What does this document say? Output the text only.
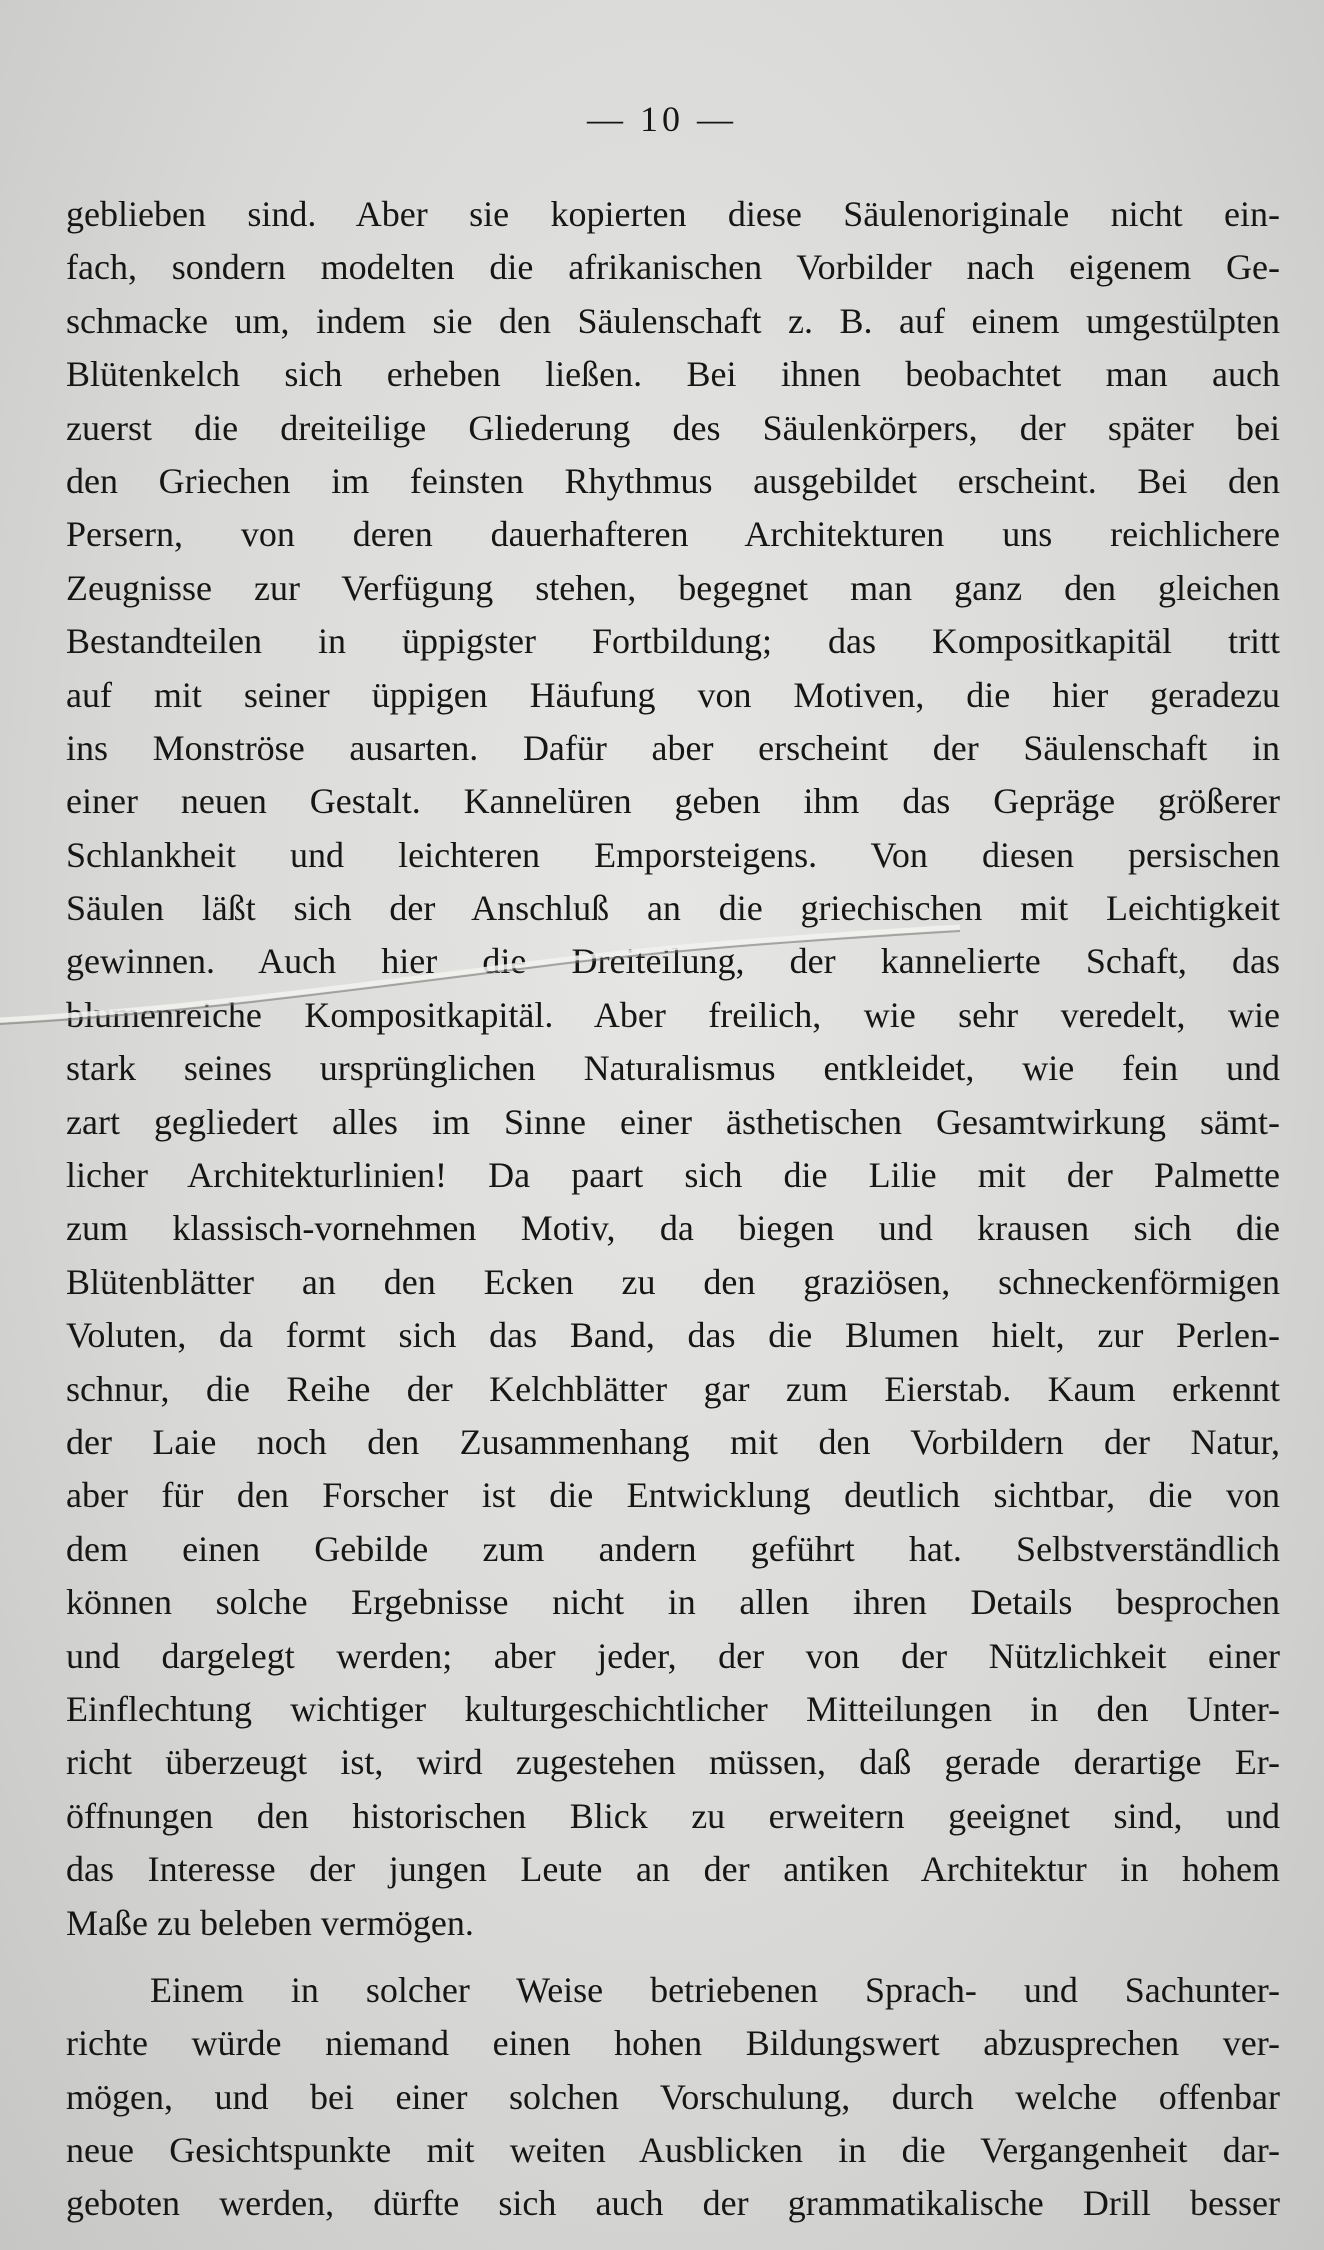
— 10 —
geblieben sind. Aber sie kopierten diese Säulenoriginale nicht ein-
fach, sondern modelten die afrikanischen Vorbilder nach eigenem Ge-
schmacke um, indem sie den Säulenschaft z. B. auf einem umgestülpten
Blütenkelch sich erheben ließen. Bei ihnen beobachtet man auch
zuerst die dreiteilige Gliederung des Säulenkörpers, der später bei
den Griechen im feinsten Rhythmus ausgebildet erscheint. Bei den
Persern, von deren dauerhafteren Architekturen uns reichlichere
Zeugnisse zur Verfügung stehen, begegnet man ganz den gleichen
Bestandteilen in üppigster Fortbildung; das Kompositkapitäl tritt
auf mit seiner üppigen Häufung von Motiven, die hier geradezu
ins Monströse ausarten. Dafür aber erscheint der Säulenschaft in
einer neuen Gestalt. Kannelüren geben ihm das Gepräge größerer
Schlankheit und leichteren Emporsteigens. Von diesen persischen
Säulen läßt sich der Anschluß an die griechischen mit Leichtigkeit
gewinnen. Auch hier die Dreiteilung, der kannelierte Schaft, das
blumenreiche Kompositkapitäl. Aber freilich, wie sehr veredelt, wie
stark seines ursprünglichen Naturalismus entkleidet, wie fein und
zart gegliedert alles im Sinne einer ästhetischen Gesamtwirkung sämt-
licher Architekturlinien! Da paart sich die Lilie mit der Palmette
zum klassisch-vornehmen Motiv, da biegen und krausen sich die
Blütenblätter an den Ecken zu den graziösen, schneckenförmigen
Voluten, da formt sich das Band, das die Blumen hielt, zur Perlen-
schnur, die Reihe der Kelchblätter gar zum Eierstab. Kaum erkennt
der Laie noch den Zusammenhang mit den Vorbildern der Natur,
aber für den Forscher ist die Entwicklung deutlich sichtbar, die von
dem einen Gebilde zum andern geführt hat. Selbstverständlich
können solche Ergebnisse nicht in allen ihren Details besprochen
und dargelegt werden; aber jeder, der von der Nützlichkeit einer
Einflechtung wichtiger kulturgeschichtlicher Mitteilungen in den Unter-
richt überzeugt ist, wird zugestehen müssen, daß gerade derartige Er-
öffnungen den historischen Blick zu erweitern geeignet sind, und
das Interesse der jungen Leute an der antiken Architektur in hohem
Maße zu beleben vermögen.
Einem in solcher Weise betriebenen Sprach- und Sachunter-
richte würde niemand einen hohen Bildungswert abzusprechen ver-
mögen, und bei einer solchen Vorschulung, durch welche offenbar
neue Gesichtspunkte mit weiten Ausblicken in die Vergangenheit dar-
geboten werden, dürfte sich auch der grammatikalische Drill besser
